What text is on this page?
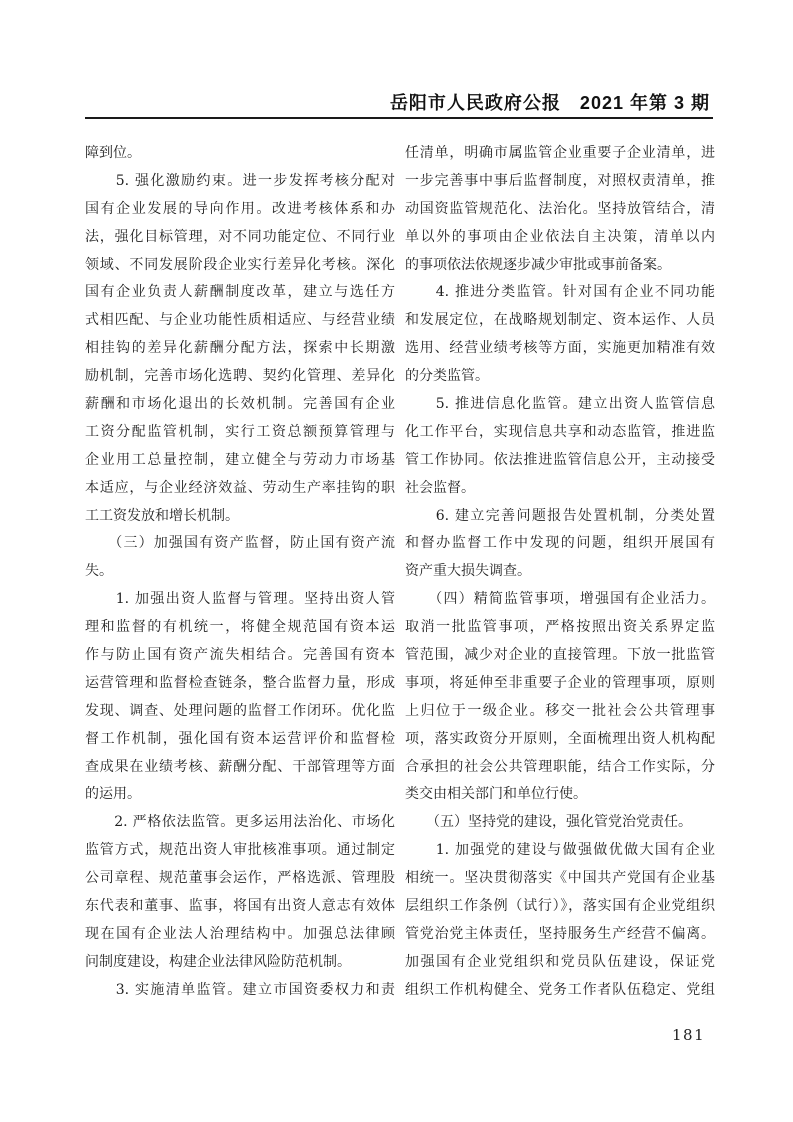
岳阳市人民政府公报　2021 年第 3 期
障到位。
　　5. 强化激励约束。进一步发挥考核分配对
国有企业发展的导向作用。改进考核体系和办
法，强化目标管理，对不同功能定位、不同行业
领域、不同发展阶段企业实行差异化考核。深化
国有企业负责人薪酬制度改革，建立与选任方
式相匹配、与企业功能性质相适应、与经营业绩
相挂钩的差异化薪酬分配方法，探索中长期激
励机制，完善市场化选聘、契约化管理、差异化
薪酬和市场化退出的长效机制。完善国有企业
工资分配监管机制，实行工资总额预算管理与
企业用工总量控制，建立健全与劳动力市场基
本适应，与企业经济效益、劳动生产率挂钩的职
工工资发放和增长机制。
　　（三）加强国有资产监督，防止国有资产流
失。
　　1. 加强出资人监督与管理。坚持出资人管
理和监督的有机统一，将健全规范国有资本运
作与防止国有资产流失相结合。完善国有资本
运营管理和监督检查链条，整合监督力量，形成
发现、调查、处理问题的监督工作闭环。优化监
督工作机制，强化国有资本运营评价和监督检
查成果在业绩考核、薪酬分配、干部管理等方面
的运用。
　　2. 严格依法监管。更多运用法治化、市场化
监管方式，规范出资人审批核准事项。通过制定
公司章程、规范董事会运作，严格选派、管理股
东代表和董事、监事，将国有出资人意志有效体
现在国有企业法人治理结构中。加强总法律顾
问制度建设，构建企业法律风险防范机制。
　　3. 实施清单监管。建立市国资委权力和责
任清单，明确市属监管企业重要子企业清单，进
一步完善事中事后监督制度，对照权责清单，推
动国资监管规范化、法治化。坚持放管结合，清
单以外的事项由企业依法自主决策，清单以内
的事项依法依规逐步减少审批或事前备案。
　　4. 推进分类监管。针对国有企业不同功能
和发展定位，在战略规划制定、资本运作、人员
选用、经营业绩考核等方面，实施更加精准有效
的分类监管。
　　5. 推进信息化监管。建立出资人监管信息
化工作平台，实现信息共享和动态监管，推进监
管工作协同。依法推进监管信息公开，主动接受
社会监督。
　　6. 建立完善问题报告处置机制，分类处置
和督办监督工作中发现的问题，组织开展国有
资产重大损失调查。
　　（四）精简监管事项，增强国有企业活力。
取消一批监管事项，严格按照出资关系界定监
管范围，减少对企业的直接管理。下放一批监管
事项，将延伸至非重要子企业的管理事项，原则
上归位于一级企业。移交一批社会公共管理事
项，落实政资分开原则，全面梳理出资人机构配
合承担的社会公共管理职能，结合工作实际，分
类交由相关部门和单位行使。
　　（五）坚持党的建设，强化管党治党责任。
　　1. 加强党的建设与做强做优做大国有企业
相统一。坚决贯彻落实《中国共产党国有企业基
层组织工作条例（试行）》，落实国有企业党组织
管党治党主体责任，坚持服务生产经营不偏离。
加强国有企业党组织和党员队伍建设，保证党
组织工作机构健全、党务工作者队伍稳定、党组
181
